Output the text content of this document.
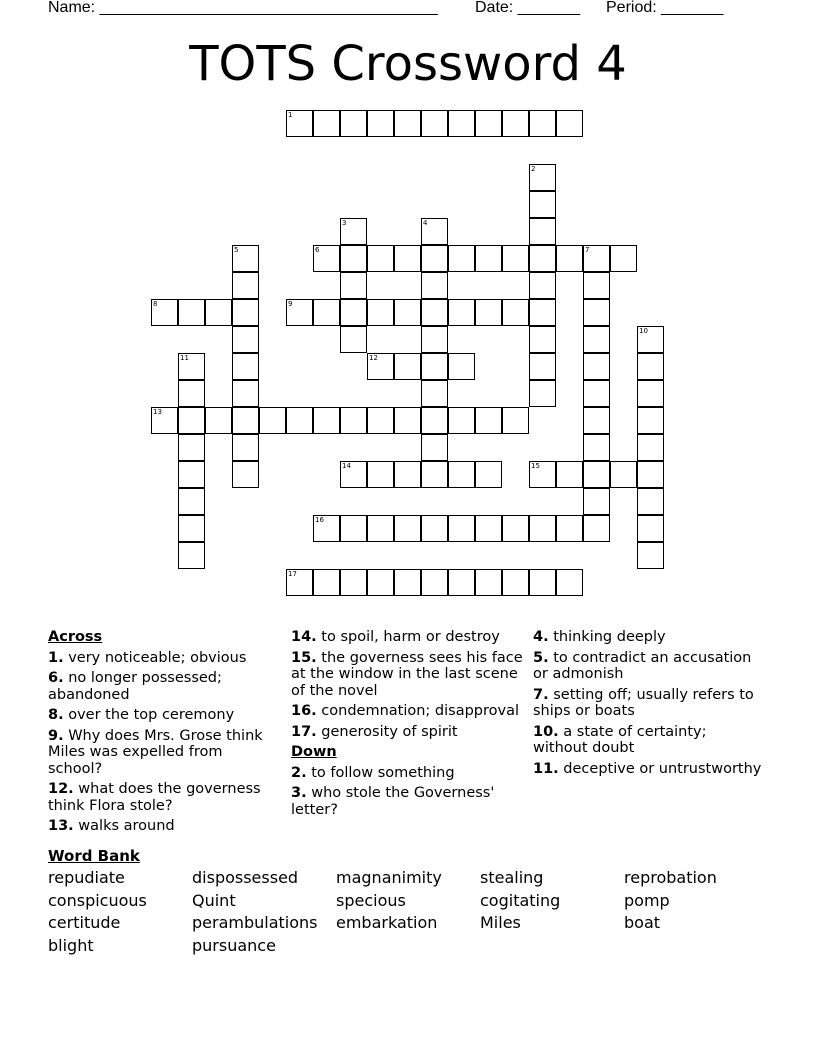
Name: ______________________________________ Date: _______ Period: _______
TOTS Crossword 4
1
2
3	4
5	6	7
8	9
10
11	12
13
14	15
16
17
Across
1. very noticeable; obvious
6. no longer possessed; abandoned
8. over the top ceremony
9. Why does Mrs. Grose think Miles was expelled from school?
12. what does the governess think Flora stole?
13. walks around
14. to spoil, harm or destroy
15. the governess sees his face at the window in the last scene of the novel
16. condemnation; disapproval
17. generosity of spirit
Down
2. to follow something
3. who stole the Governess' letter?
4. thinking deeply
5. to contradict an accusation or admonish
7. setting off; usually refers to ships or boats
10. a state of certainty; without doubt
11. deceptive or untrustworthy
Word Bank
repudiate	dispossessed magnanimity stealing	reprobation
conspicuous	Quint	specious	cogitating	pomp
certitude	perambulations embarkation	Miles	boat
blight	pursuance
